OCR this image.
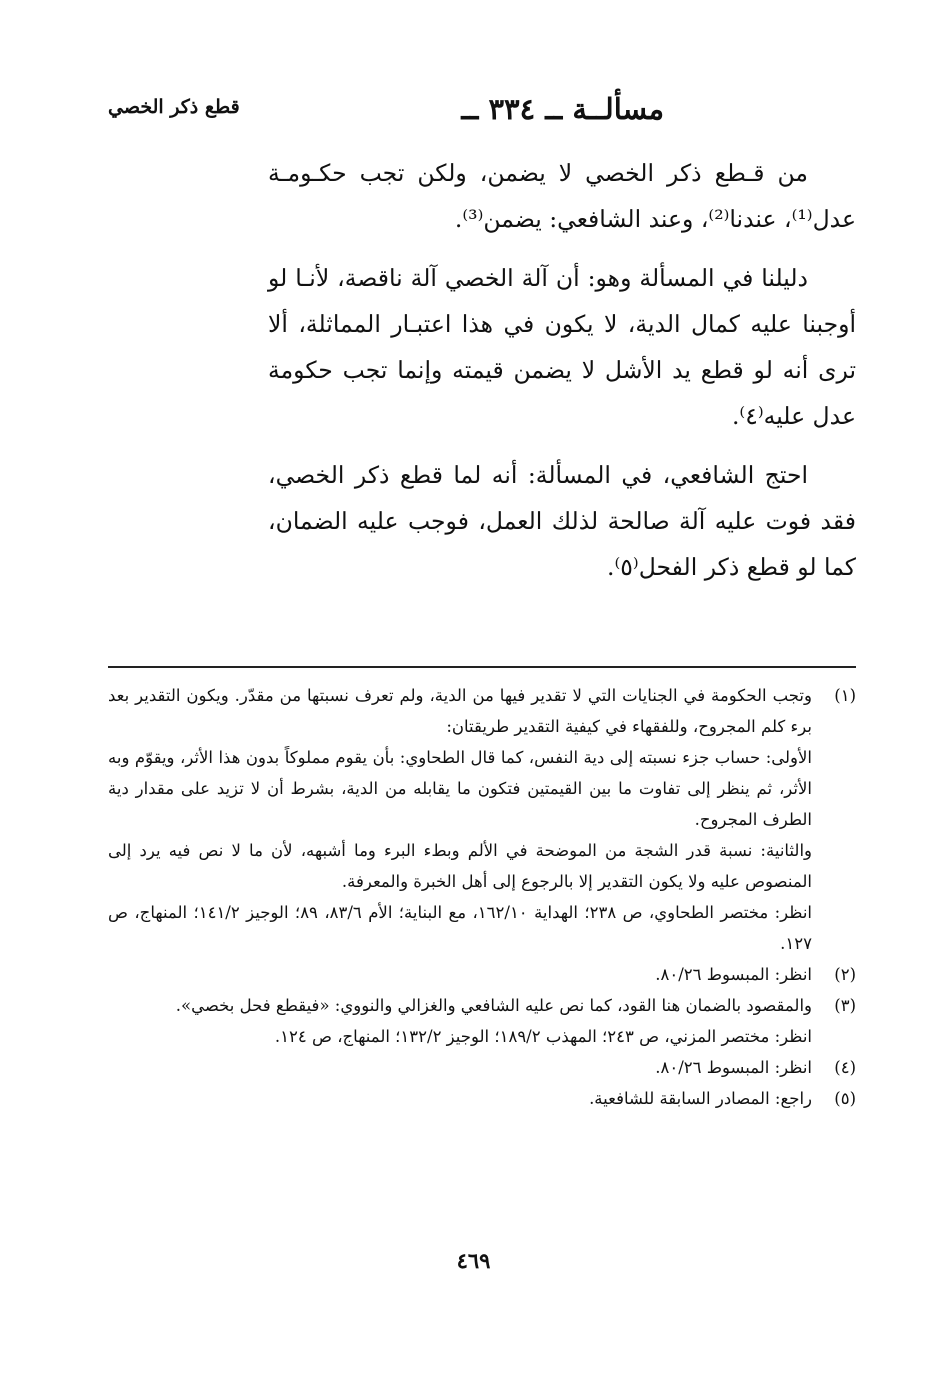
قطع ذكر الخصي	مسألــة ــ ٣٣٤ ــ

من قـطع ذكر الخصي لا يضمن، ولكن تجب حكـومـة عدل⁽¹⁾، عندنا⁽²⁾، وعند الشافعي: يضمن⁽³⁾.

دليلنا في المسألة وهو: أن آلة الخصي آلة ناقصة، لأنـا لو أوجبنا عليه كمال الدية، لا يكون في هذا اعتبـار المماثلة، ألا ترى أنه لو قطع يد الأشل لا يضمن قيمته وإنما تجب حكومة عدل عليه⁽٤⁾.

احتج الشافعي، في المسألة: أنه لما قطع ذكر الخصي، فقد فوت عليه آلة صالحة لذلك العمل، فوجب عليه الضمان، كما لو قطع ذكر الفحل⁽٥⁾.

(١)
وتجب الحكومة في الجنايات التي لا تقدير فيها من الدية، ولم تعرف نسبتها من مقدّر. ويكون التقدير بعد برء كلم المجروح، وللفقهاء في كيفية التقدير طريقتان:
الأولى: حساب جزء نسبته إلى دية النفس، كما قال الطحاوي: بأن يقوم مملوكاً بدون هذا الأثر، ويقوّم وبه الأثر، ثم ينظر إلى تفاوت ما بين القيمتين فتكون ما يقابله من الدية، بشرط أن لا تزيد على مقدار دية الطرف المجروح.
والثانية: نسبة قدر الشجة من الموضحة في الألم وبطء البرء وما أشبهه، لأن ما لا نص فيه يرد إلى المنصوص عليه ولا يكون التقدير إلا بالرجوع إلى أهل الخبرة والمعرفة.
انظر: مختصر الطحاوي، ص ٢٣٨؛ الهداية ١٦٢/١٠، مع البناية؛ الأم ٨٣/٦، ٨٩؛ الوجيز ١٤١/٢؛ المنهاج، ص ١٢٧.
(٢)
انظر: المبسوط ٨٠/٢٦.
(٣)
والمقصود بالضمان هنا القود، كما نص عليه الشافعي والغزالي والنووي: «فيقطع فحل بخصي».
انظر: مختصر المزني، ص ٢٤٣؛ المهذب ١٨٩/٢؛ الوجيز ١٣٢/٢؛ المنهاج، ص ١٢٤.
(٤)
انظر: المبسوط ٨٠/٢٦.
(٥)
راجع: المصادر السابقة للشافعية.
٤٦٩
